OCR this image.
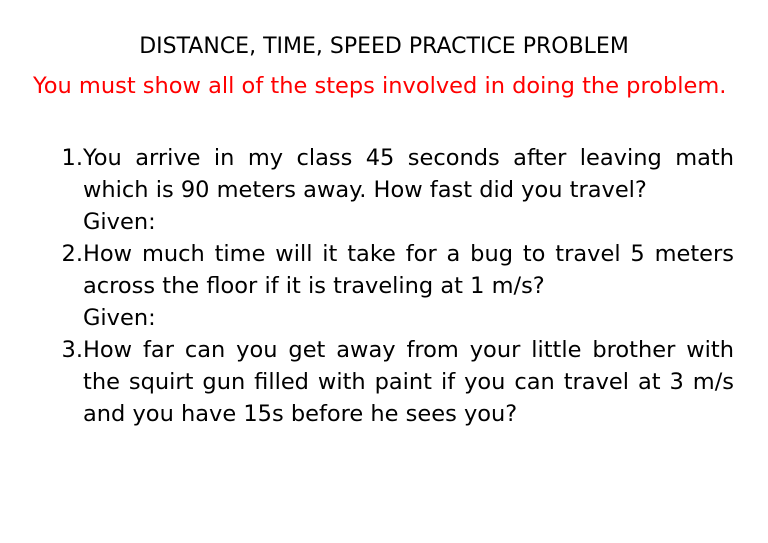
DISTANCE, TIME, SPEED PRACTICE PROBLEM
You must show all of the steps involved in doing the problem.
1. You arrive in my class 45 seconds after leaving math which is 90 meters away. How fast did you travel?
Given:
2. How much time will it take for a bug to travel 5 meters across the floor if it is traveling at 1 m/s?
Given:
3. How far can you get away from your little brother with the squirt gun filled with paint if you can travel at 3 m/s and you have 15s before he sees you?
